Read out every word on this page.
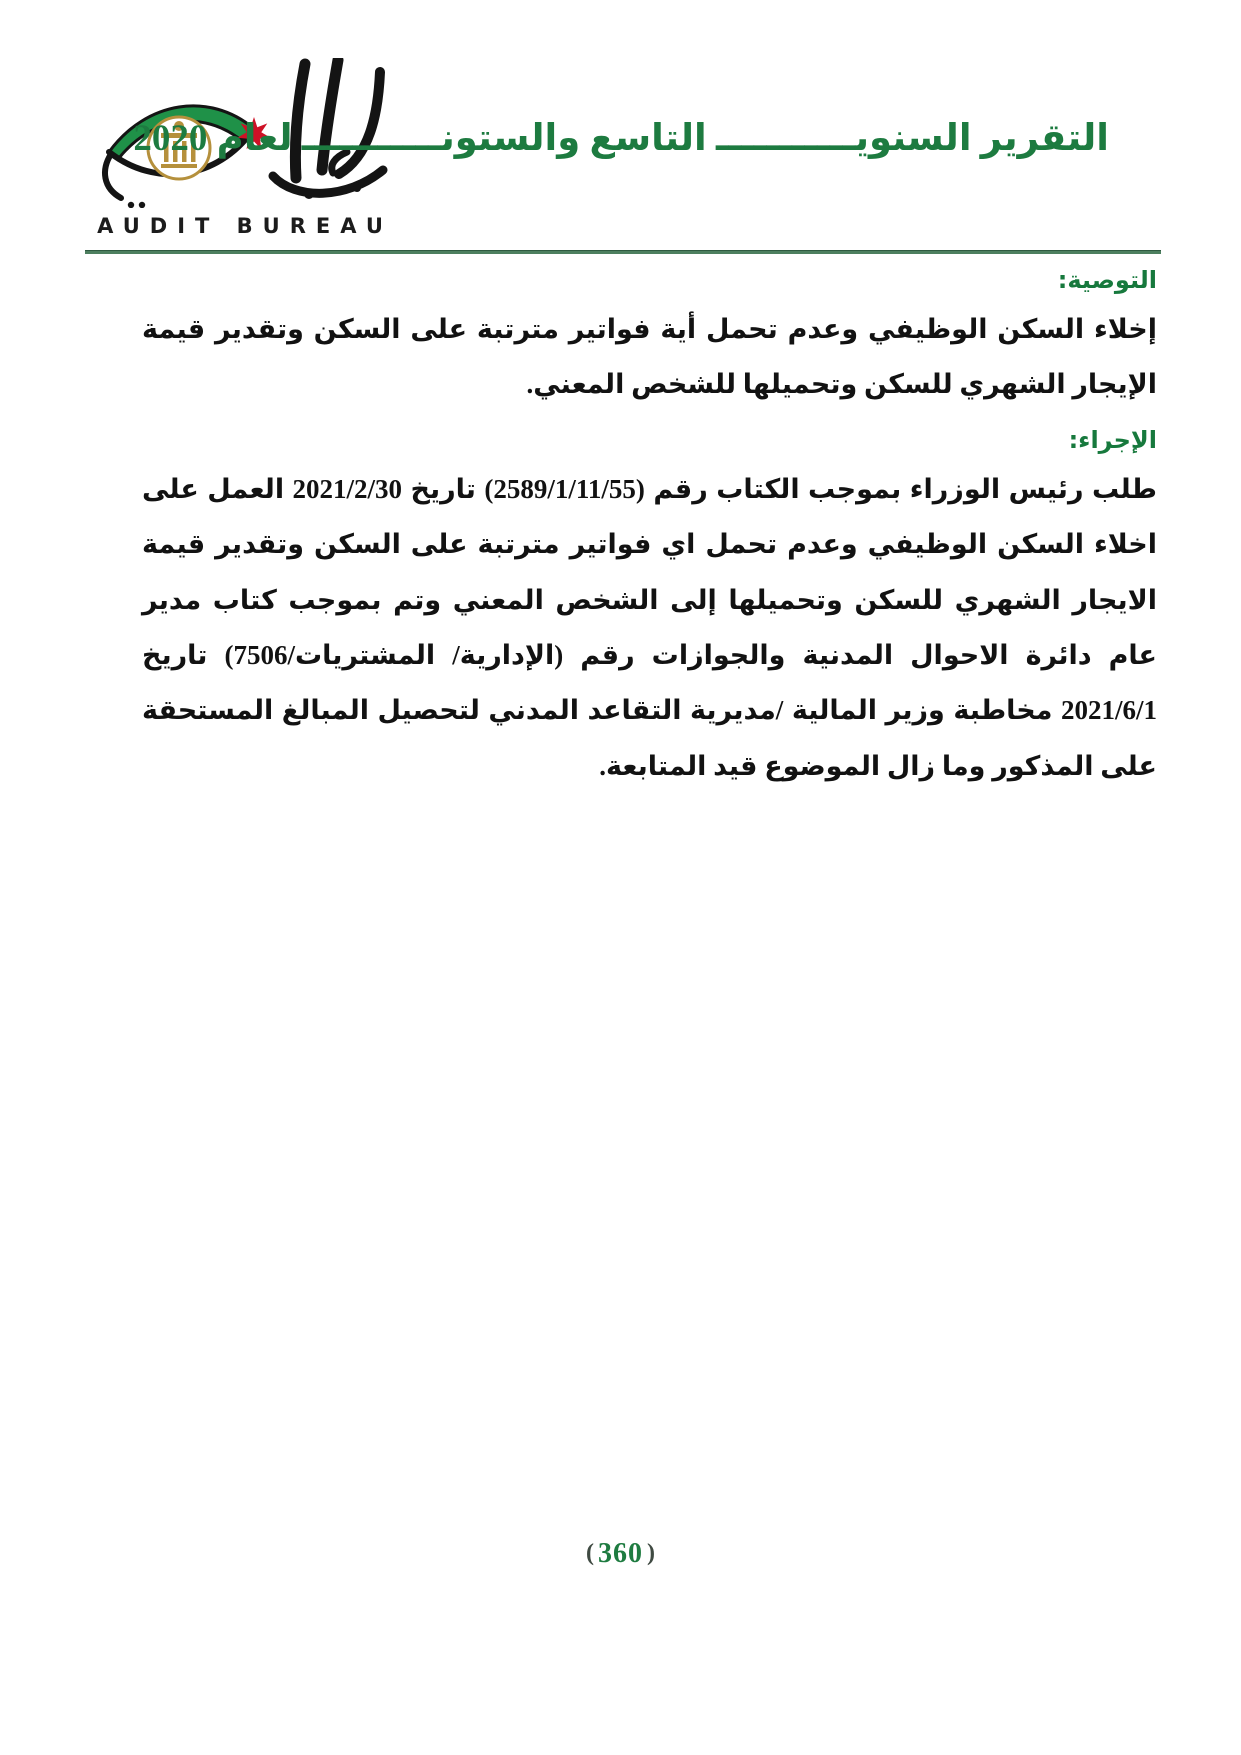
AUDIT BUREAU
التقرير السنويـــــــــــ التاسع والستونـــــــــــ لعام 2020
التوصية:

إخلاء السكن الوظيفي وعدم تحمل أية فواتير مترتبة على السكن وتقدير قيمة الإيجار الشهري للسكن وتحميلها للشخص المعني.

الإجراء:

طلب رئيس الوزراء بموجب الكتاب رقم (2589/1/11/55) تاريخ 2021/2/30 العمل على اخلاء السكن الوظيفي وعدم تحمل اي فواتير مترتبة على السكن وتقدير قيمة الايجار الشهري للسكن وتحميلها إلى الشخص المعني وتم بموجب كتاب مدير عام دائرة الاحوال المدنية والجوازات رقم (الإدارية/ المشتريات/7506) تاريخ 2021/6/1 مخاطبة وزير المالية /مديرية التقاعد المدني لتحصيل المبالغ المستحقة على المذكور وما زال الموضوع قيد المتابعة.

( 360 )
